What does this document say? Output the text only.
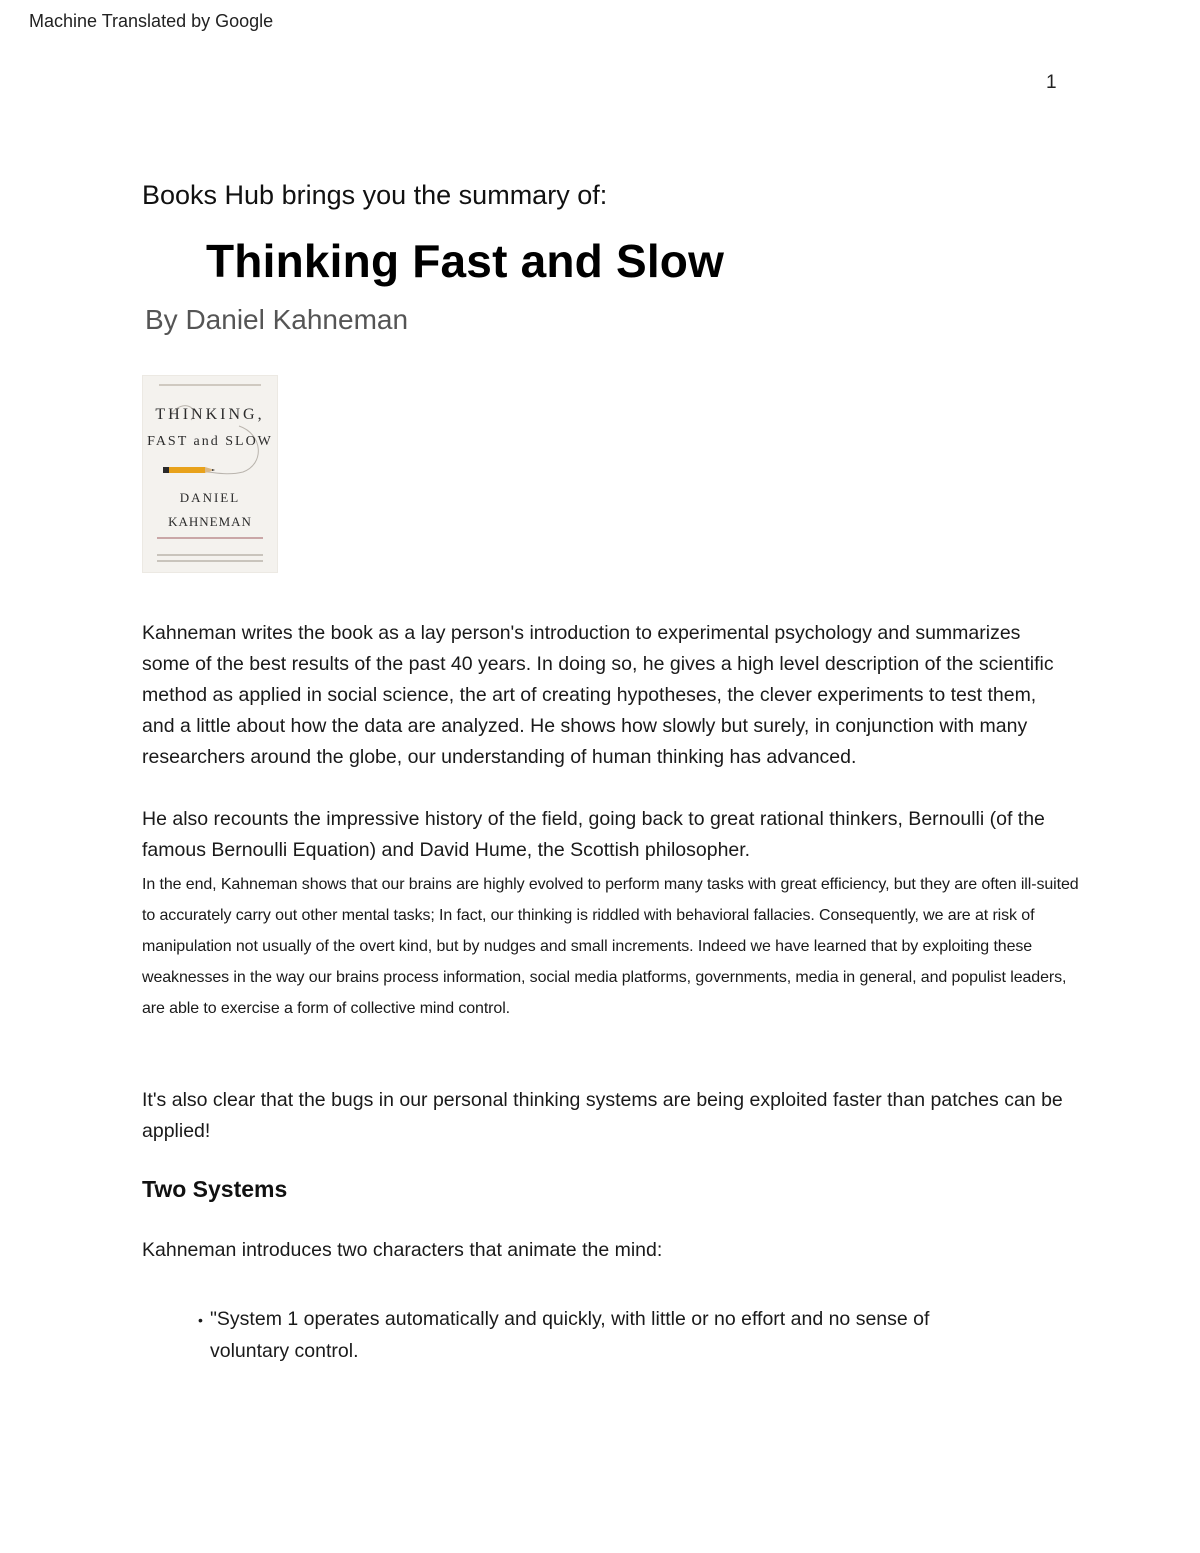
Machine Translated by Google
1
Books Hub brings you the summary of:
Thinking Fast and Slow
By Daniel Kahneman
THINKING,
FAST and SLOW
DANIEL
KAHNEMAN

Kahneman writes the book as a lay person's introduction to experimental psychology and summarizes some of the best results of the past 40 years. In doing so, he gives a high level description of the scientific method as applied in social science, the art of creating hypotheses, the clever experiments to test them, and a little about how the data are analyzed. He shows how slowly but surely, in conjunction with many researchers around the globe, our understanding of human thinking has advanced.

He also recounts the impressive history of the field, going back to great rational thinkers, Bernoulli (of the famous Bernoulli Equation) and David Hume, the Scottish philosopher.

In the end, Kahneman shows that our brains are highly evolved to perform many tasks with great efficiency, but they are often ill-suited to accurately carry out other mental tasks; In fact, our thinking is riddled with behavioral fallacies. Consequently, we are at risk of manipulation not usually of the overt kind, but by nudges and small increments. Indeed we have learned that by exploiting these weaknesses in the way our brains process information, social media platforms, governments, media in general, and populist leaders, are able to exercise a form of collective mind control.

It's also clear that the bugs in our personal thinking systems are being exploited faster than patches can be applied!

Two Systems

Kahneman introduces two characters that animate the mind:

• "System 1 operates automatically and quickly, with little or no effort and no sense of voluntary control.
